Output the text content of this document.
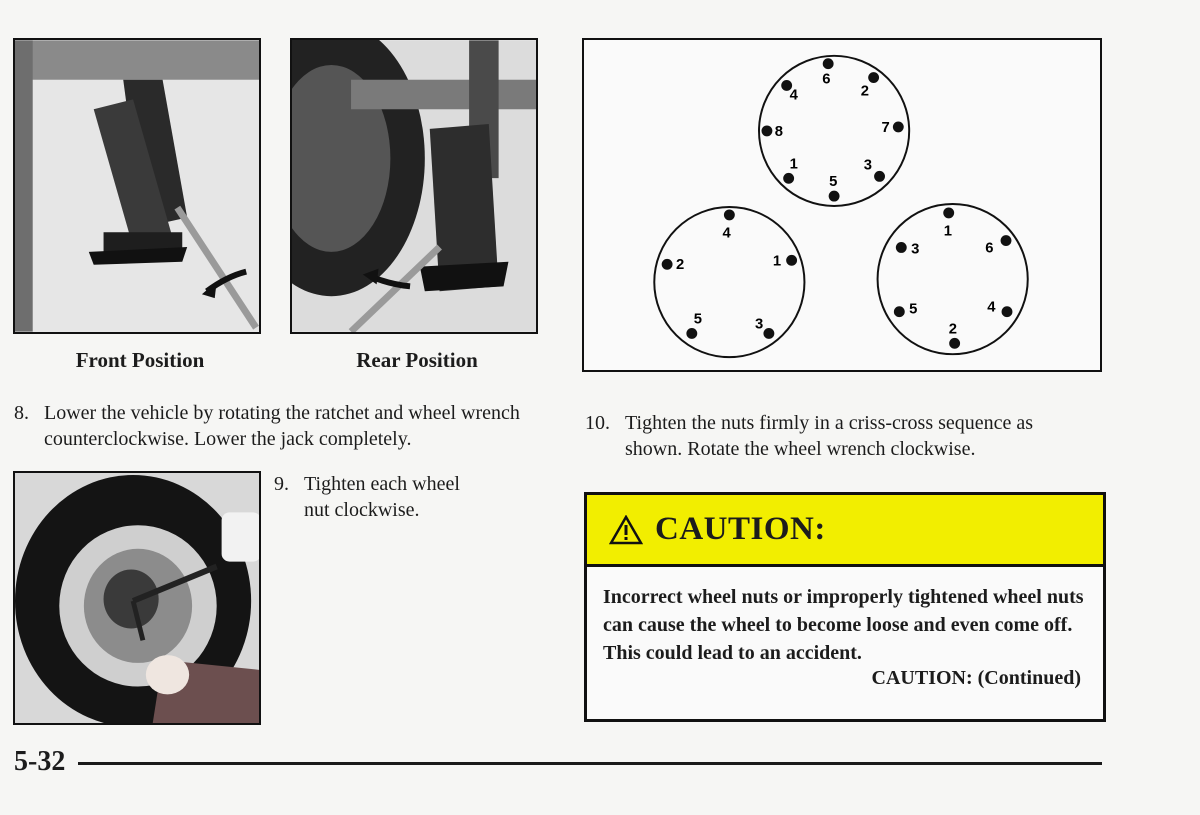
Front Position	Rear Position
8. Lower the vehicle by rotating the ratchet and wheel wrench counterclockwise. Lower the jack completely.
9. Tighten each wheel
nut clockwise.
6
2
7
3
5
1
8
4
4
1
3
5
2
1
6
4
2
5
3
10. Tighten the nuts firmly in a criss-cross sequence as shown. Rotate the wheel wrench clockwise.
CAUTION:
Incorrect wheel nuts or improperly tightened wheel nuts can cause the wheel to become loose and even come off. This could lead to an accident.
CAUTION: (Continued)
5-32
